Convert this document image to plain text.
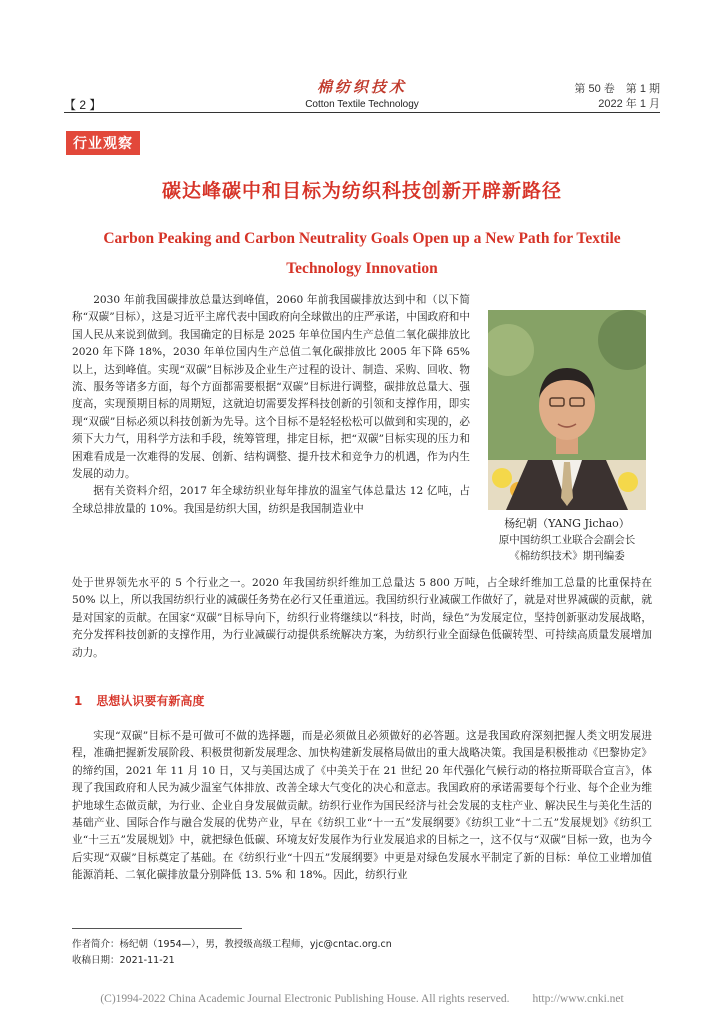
【 2 】
棉纺织技术
Cotton Textile Technology
第 50 卷　第 1 期
2022 年 1 月
行业观察
碳达峰碳中和目标为纺织科技创新开辟新路径
Carbon Peaking and Carbon Neutrality Goals Open up a New Path for Textile Technology Innovation

2030 年前我国碳排放总量达到峰值，2060 年前我国碳排放达到中和（以下简称“双碳”目标），这是习近平主席代表中国政府向全球做出的庄严承诺，中国政府和中国人民从来说到做到。我国确定的目标是 2025 年单位国内生产总值二氧化碳排放比 2020 年下降 18%，2030 年单位国内生产总值二氧化碳排放比 2005 年下降 65% 以上，达到峰值。实现“双碳”目标涉及企业生产过程的设计、制造、采购、回收、物流、服务等诸多方面，每个方面都需要根据“双碳”目标进行调整，碳排放总量大、强度高，实现预期目标的周期短，这就迫切需要发挥科技创新的引领和支撑作用，即实现“双碳”目标必须以科技创新为先导。这个目标不是轻轻松松可以做到和实现的，必须下大力气，用科学方法和手段，统筹管理，排定目标，把“双碳”目标实现的压力和困难看成是一次难得的发展、创新、结构调整、提升技术和竞争力的机遇，作为内生发展的动力。

据有关资料介绍，2017 年全球纺织业每年排放的温室气体总量达 12 亿吨，占全球总排放量的 10%。我国是纺织大国，纺织是我国制造业中

杨纪朝（YANG Jichao）
原中国纺织工业联合会副会长
《棉纺织技术》期刊编委
处于世界领先水平的 5 个行业之一。2020 年我国纺织纤维加工总量达 5 800 万吨，占全球纤维加工总量的比重保持在 50% 以上，所以我国纺织行业的减碳任务势在必行又任重道远。我国纺织行业减碳工作做好了，就是对世界减碳的贡献，就是对国家的贡献。在国家“双碳”目标导向下，纺织行业将继续以“科技，时尚，绿色”为发展定位，坚持创新驱动发展战略，充分发挥科技创新的支撑作用，为行业减碳行动提供系统解决方案，为纺织行业全面绿色低碳转型、可持续高质量发展增加动力。
1 思想认识要有新高度

实现“双碳”目标不是可做可不做的选择题，而是必须做且必须做好的必答题。这是我国政府深刻把握人类文明发展进程，准确把握新发展阶段、积极贯彻新发展理念、加快构建新发展格局做出的重大战略决策。我国是积极推动《巴黎协定》的缔约国，2021 年 11 月 10 日，又与美国达成了《中美关于在 21 世纪 20 年代强化气候行动的格拉斯哥联合宣言》，体现了我国政府和人民为减少温室气体排放、改善全球大气变化的决心和意志。我国政府的承诺需要每个行业、每个企业为维护地球生态做贡献，为行业、企业自身发展做贡献。纺织行业作为国民经济与社会发展的支柱产业、解决民生与美化生活的基础产业、国际合作与融合发展的优势产业，早在《纺织工业“十一五”发展纲要》《纺织工业“十二五”发展规划》《纺织工业“十三五”发展规划》中，就把绿色低碳、环境友好发展作为行业发展追求的目标之一，这不仅与“双碳”目标一致，也为今后实现“双碳”目标奠定了基础。在《纺织行业“十四五”发展纲要》中更是对绿色发展水平制定了新的目标：单位工业增加值能源消耗、二氧化碳排放量分别降低 13. 5% 和 18%。因此，纺织行业

作者简介：杨纪朝（1954—），男，教授级高级工程师，yjc@cntac.org.cn
收稿日期：2021-11-21
(C)1994-2022 China Academic Journal Electronic Publishing House. All rights reserved.　　http://www.cnki.net
